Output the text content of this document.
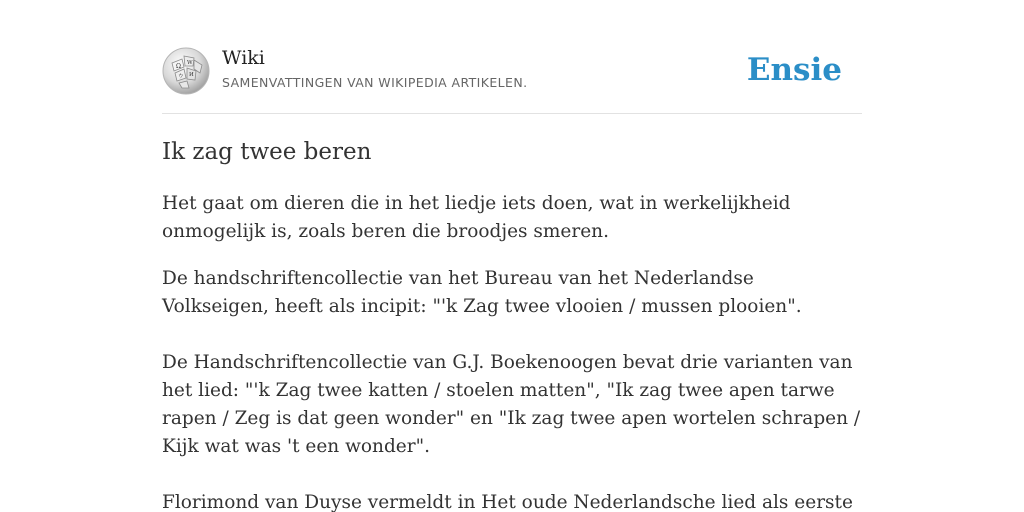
Ω W
И
ウ
Wiki
SAMENVATTINGEN VAN WIKIPEDIA ARTIKELEN.	Ensie
Ik zag twee beren

Het gaat om dieren die in het liedje iets doen, wat in werkelijkheid onmogelijk is, zoals beren die broodjes smeren.

De handschriftencollectie van het Bureau van het Nederlandse Volkseigen, heeft als incipit: "'k Zag twee vlooien / mussen plooien".

De Handschriftencollectie van G.J. Boekenoogen bevat drie varianten van het lied: "'k Zag twee katten / stoelen matten", "Ik zag twee apen tarwe rapen / Zeg is dat geen wonder" en "Ik zag twee apen wortelen schrapen / Kijk wat was 't een wonder".

Florimond van Duyse vermeldt in Het oude Nederlandsche lied als eerste
